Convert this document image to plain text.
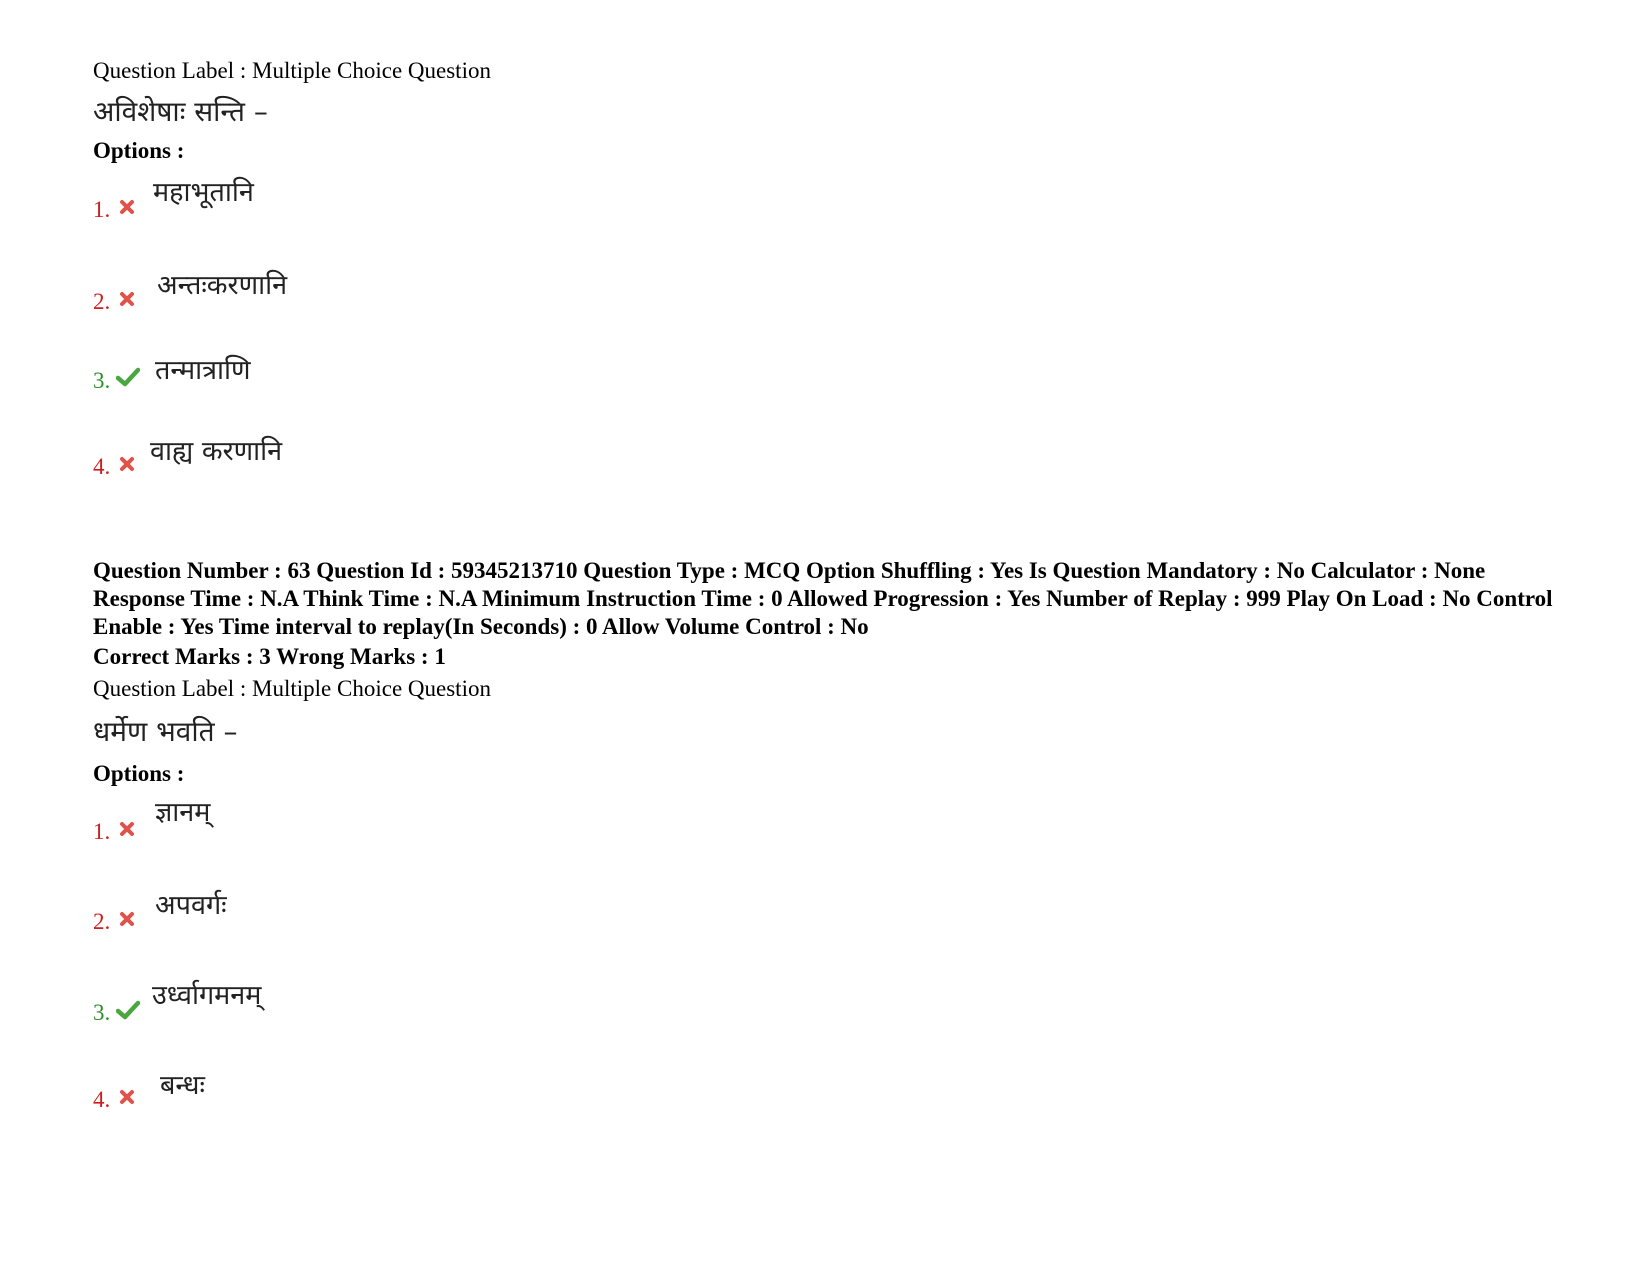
Question Label : Multiple Choice Question
अविशेषाः सन्ति –
Options :
1.
महाभूतानि
2.
अन्तःकरणानि
3. तन्मात्राणि
4. वाह्य करणानि
Question Number : 63 Question Id : 59345213710 Question Type : MCQ Option Shuffling : Yes Is Question Mandatory : No Calculator : None Response Time : N.A Think Time : N.A Minimum Instruction Time : 0 Allowed Progression : Yes Number of Replay : 999 Play On Load : No Control Enable : Yes Time interval to replay(In Seconds) : 0 Allow Volume Control : No
Correct Marks : 3 Wrong Marks : 1
Question Label : Multiple Choice Question
धर्मेण भवति –
Options :
1.
ज्ञानम्
2.
अपवर्गः
3.
उर्ध्वागमनम्
4. बन्धः
